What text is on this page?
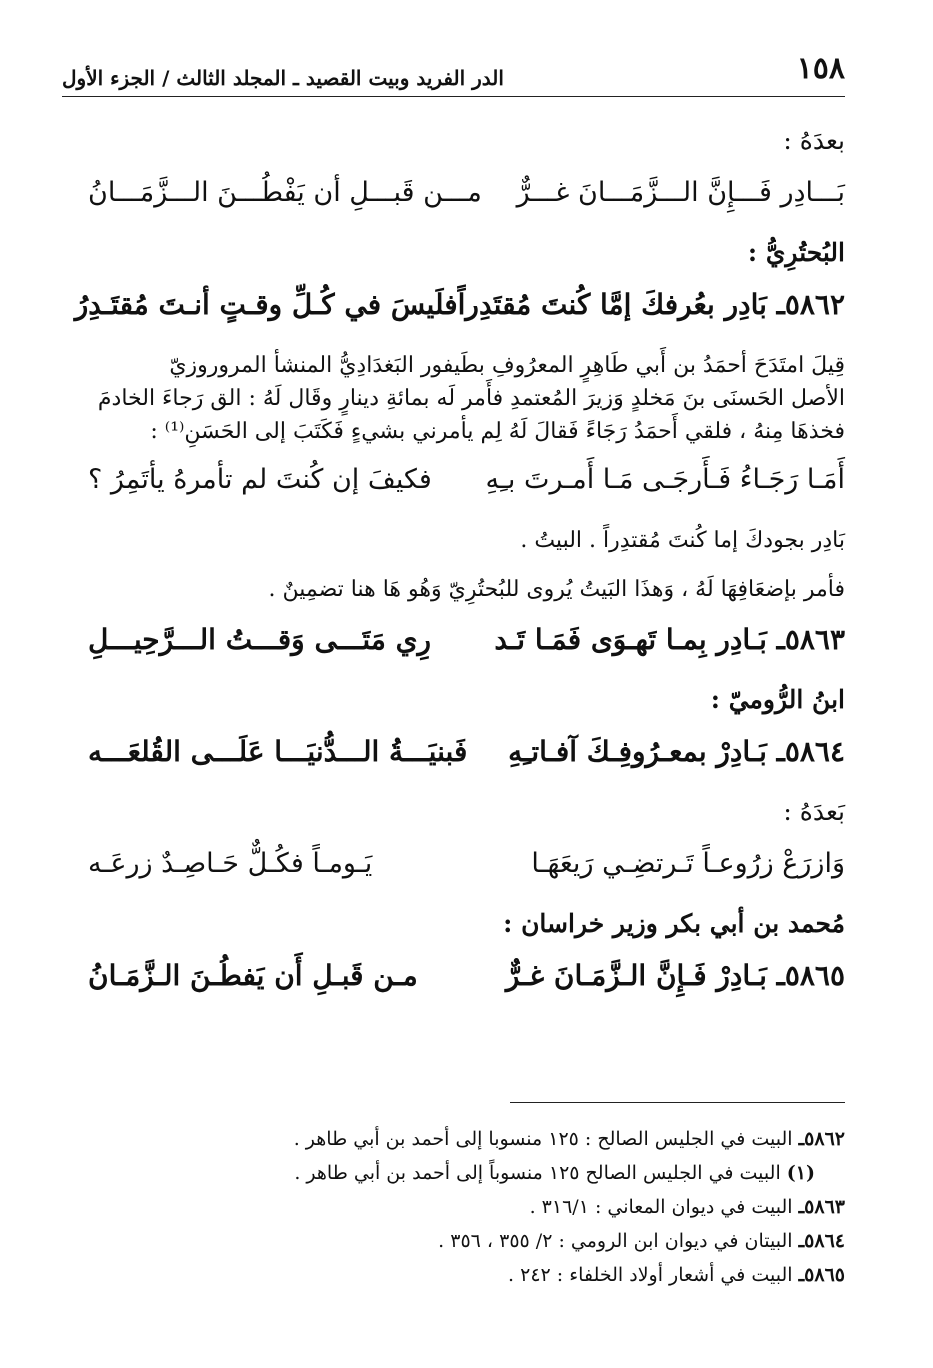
١٥٨
الدر الفريد وبيت القصيد ـ المجلد الثالث / الجزء الأول
بعدَهُ :
بَـــادِر فَـــإِنَّ الـــزَّمَـــانَ غـــرٌّ
مـــن قَبـــلِ أن يَفْطُـــنَ الـــزَّمَـــانُ
البُحتُرِيُّ :
٥٨٦٢ـ بَادِر بعُرفكَ إمَّا كُنتَ مُقتَدِراً
فلَيسَ في كُـلِّ وقـتٍ أنـتَ مُقتَـدِرُ
قِيلَ امتَدَحَ أحمَدُ بن أَبي طَاهِرٍ المعرُوفِ بطَيفور البَغدَادِيُّ المنشأ المروروزيّ
الأصل الحَسنَى بنَ مَخلدٍ وَزيرَ المُعتمدِ فأَمر لَه بمائةِ دينارٍ وقَال لَهُ : الق رَجاءَ الخادمَ
فخذهَا مِنهُ ، فلقي أَحمَدُ رَجَاءً فَقالَ لَهُ لِم يأمرني بشيءٍ فَكَتَبَ إلى الحَسَنِ⁽¹⁾ :
أَمَـا رَجَـاءُ فَـأَرجَـى مَـا أَمـرتَ بـِهِ
فكيفَ إن كُنتَ لم تأمرهُ يأتَمِرُ ؟
بَادِر بجودكَ إما كُنتَ مُقتدِراً . البيتُ .
فأمر بإضعَافِهَا لَهُ ، وَهذَا البَيتُ يُروى للبُحتُرِيّ وَهُو هَا هنا تضمِينٌ .
٥٨٦٣ـ بَـادِر بِمـا تَهـوَى فَمَـا تَـد
رِي مَتَـــى وَقـــتُ الـــرَّحِيـــلِ
ابنُ الرُّوميّ :
٥٨٦٤ـ بَـادِرْ بمعـرُوفِـكَ آفـاتـِهِ
فَبنيَـــةُ الـــدُّنيَـــا عَلَـــى القُلعَـــه
بَعدَهُ :
وَازرَعْ زرُوعـاً تَـرتضِـي رَيعَهَـا
يَـومـاً فكُـلٌّ حَـاصِـدٌ زرعَـه
مُحمد بن أبي بكر وزير خراسان :
٥٨٦٥ـ بَـادِرْ فَـإِنَّ الـزَّمَـانَ غـرٌّ
مـن قَبـلِ أَن يَفطُـنَ الـزَّمَـانُ
٥٨٦٢ـ البيت في الجليس الصالح : ١٢٥ منسوبا إلى أحمد بن أبي طاهر .
(١) البيت في الجليس الصالح ١٢٥ منسوباً إلى أحمد بن أبي طاهر .
٥٨٦٣ـ البيت في ديوان المعاني : ٣١٦/١ .
٥٨٦٤ـ البيتان في ديوان ابن الرومي : ٢/ ٣٥٥ ، ٣٥٦ .
٥٨٦٥ـ البيت في أشعار أولاد الخلفاء : ٢٤٢ .
